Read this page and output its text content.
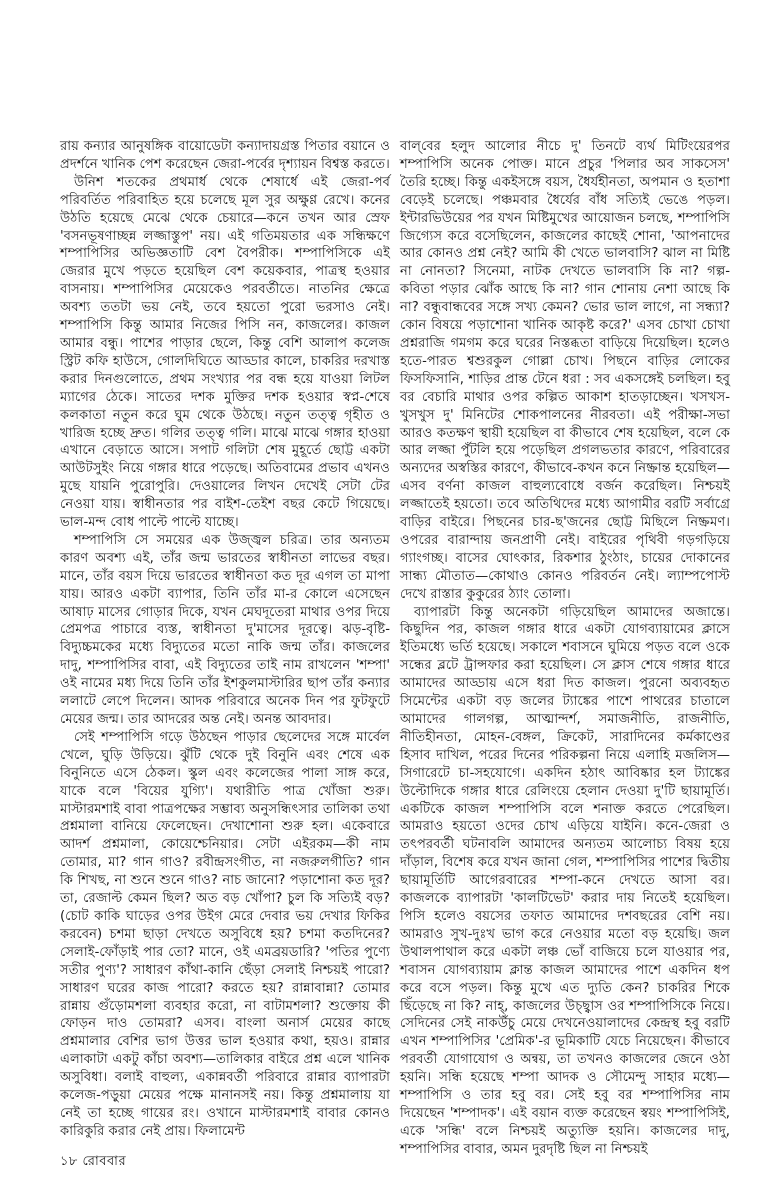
রায় কন্যার আনুষঙ্গিক বায়োডেটা কন্যাদায়গ্রস্ত পিতার বয়ানে ও প্রদর্শনে খানিক পেশ করেছেন জেরা-পর্বের দৃশ্যায়ন বিশ্বস্ত করতে।

উনিশ শতকের প্রথমার্ধ থেকে শেষার্ধে এই জেরা-পর্ব পরিবর্তিত পরিবাহিত হয়ে চলেছে মূল সুর অক্ষুণ্ণ রেখে। কনের উঠতি হয়েছে মেঝে থেকে চেয়ারে—কনে তখন আর স্রেফ 'বসনভূষণাচ্ছন্ন লজ্জাস্তুপ' নয়। এই গতিময়তার এক সন্ধিক্ষণে শম্পাপিসির অভিজ্ঞতাটি বেশ বৈপরীক। শম্পাপিসিকে এই জেরার মুখে পড়তে হয়েছিল বেশ কয়েকবার, পাত্রস্থ হওয়ার বাসনায়। শম্পাপিসির মেয়েকেও পরবর্তীতে। নাতনির ক্ষেত্রে অবশ্য ততটা ভয় নেই, তবে হয়তো পুরো ভরসাও নেই। শম্পাপিসি কিন্তু আমার নিজের পিসি নন, কাজলের। কাজল আমার বন্ধু। পাশের পাড়ার ছেলে, কিন্তু বেশি আলাপ কলেজ স্ট্রিট কফি হাউসে, গোলদিঘিতে আড্ডার কালে, চাকরির দরখাস্ত করার দিনগুলোতে, প্রথম সংখ্যার পর বন্ধ হয়ে যাওয়া লিটল ম্যাগের ঠেকে। সাতের দশক মুক্তির দশক হওয়ার স্বপ্ন-শেষে কলকাতা নতুন করে ঘুম থেকে উঠছে। নতুন তত্ত্ব গৃহীত ও খারিজ হচ্ছে দ্রুত। গলির তত্ত্ব গলি। মাঝে মাঝে গঙ্গার হাওয়া এখানে বেড়াতে আসে। সপাট গলিটা শেষ মুহূর্তে ছোট্ট একটা আউটসুইং নিয়ে গঙ্গার ধারে পড়েছে। অতিবামের প্রভাব এখনও মুছে যায়নি পুরোপুরি। দেওয়ালের লিখন দেখেই সেটা টের নেওয়া যায়। স্বাধীনতার পর বাইশ-তেইশ বছর কেটে গিয়েছে। ভাল-মন্দ বোধ পাল্টে পাল্টে যাচ্ছে।

শম্পাপিসি সে সময়ের এক উজ্জ্বল চরিত্র। তার অন্যতম কারণ অবশ্য এই, তাঁর জন্ম ভারতের স্বাধীনতা লাভের বছর। মানে, তাঁর বয়স দিয়ে ভারতের স্বাধীনতা কত দূর এগল তা মাপা যায়। আরও একটা ব্যাপার, তিনি তাঁর মা-র কোলে এসেছেন আষাঢ় মাসের গোড়ার দিকে, যখন মেঘদূতেরা মাথার ওপর দিয়ে প্রেমপত্র পাচারে ব্যস্ত, স্বাধীনতা দু'মাসের দূরত্বে। ঝড়-বৃষ্টি-বিদ্যুচ্চমকের মধ্যে বিদ্যুতের মতো নাকি জন্ম তাঁর। কাজলের দাদু, শম্পাপিসির বাবা, এই বিদ্যুতের তাই নাম রাখলেন 'শম্পা' ওই নামের মধ্য দিয়ে তিনি তাঁর ইশকুলমাস্টারির ছাপ তাঁর কন্যার ললাটে লেপে দিলেন। আদক পরিবারে অনেক দিন পর ফুটফুটে মেয়ের জন্ম। তার আদরের অন্ত নেই। অনন্ত আবদার।

সেই শম্পাপিসি গড়ে উঠছেন পাড়ার ছেলেদের সঙ্গে মার্বেল খেলে, ঘুড়ি উড়িয়ে। ঝুঁটি থেকে দুই বিনুনি এবং শেষে এক বিনুনিতে এসে ঠেকল। স্কুল এবং কলেজের পালা সাঙ্গ করে, যাকে বলে 'বিয়ের যুগ্যি'। যথারীতি পাত্র খোঁজা শুরু। মাস্টারমশাই বাবা পাত্রপক্ষের সম্ভাব্য অনুসন্ধিৎসার তালিকা তথা প্রশ্নমালা বানিয়ে ফেলেছেন। দেখাশোনা শুরু হল। একেবারে আদর্শ প্রশ্নমালা, কোয়েশ্চেনিয়ার। সেটা এইরকম—কী নাম তোমার, মা? গান গাও? রবীন্দ্রসংগীত, না নজরুলগীতি? গান কি শিখছ, না শুনে শুনে গাও? নাচ জানো? পড়াশোনা কত দূর? তা, রেজাল্ট কেমন ছিল? অত বড় খোঁপা? চুল কি সত্যিই বড়? (চোট কাকি ঘাড়ের ওপর উইগ মেরে দেবার ভয় দেখার ফিকির করবেন) চশমা ছাড়া দেখতে অসুবিধে হয়? চশমা কতদিনের? সেলাই-ফোঁড়াই পার তো? মানে, ওই এমব্রয়ডারি? 'পতির পুণ্যে সতীর পুণ্য'? সাধারণ কাঁথা-কানি ছেঁড়া সেলাই নিশ্চয়ই পারো? সাধারণ ঘরের কাজ পারো? করতে হয়? রান্নাবান্না? তোমার রান্নায় গুঁড়োমশলা ব্যবহার করো, না বাটামশলা? শুক্তোয় কী ফোড়ন দাও তোমরা? এসব। বাংলা অনার্স মেয়ের কাছে প্রশ্নমালার বেশির ভাগ উত্তর ভাল হওয়ার কথা, হয়ও। রান্নার এলাকাটা একটু কাঁচা অবশ্য—তালিকার বাইরে প্রশ্ন এলে খানিক অসুবিধা। বলাই বাহুল্য, একান্নবর্তী পরিবারে রান্নার ব্যাপারটা কলেজ-পড়ুয়া মেয়ের পক্ষে মানানসই নয়। কিন্তু প্রশ্নমালায় যা নেই তা হচ্ছে গায়ের রং। ওখানে মাস্টারমশাই বাবার কোনও কারিকুরি করার নেই প্রায়। ফিলামেন্ট

বাল্‌বের হলুদ আলোর নীচে দু' তিনটে ব্যর্থ মিটিংয়েরপর শম্পাপিসি অনেক পোক্ত। মানে প্রচুর 'পিলার অব সাকসেস' তৈরি হচ্ছে। কিন্তু একইসঙ্গে বয়স, ধৈর্যহীনতা, অপমান ও হতাশা বেড়েই চলেছে। পঞ্চমবার ধৈর্যের বাঁধ সত্যিই ভেঙে পড়ল। ইন্টারভিউয়ের পর যখন মিষ্টিমুখের আয়োজন চলছে, শম্পাপিসি জিগ্যেস করে বসেছিলেন, কাজলের কাছেই শোনা, 'আপনাদের আর কোনও প্রশ্ন নেই? আমি কী খেতে ভালবাসি? ঝাল না মিষ্টি না নোনতা? সিনেমা, নাটক দেখতে ভালবাসি কি না? গল্প-কবিতা পড়ার ঝোঁক আছে কি না? গান শোনায় নেশা আছে কি না? বন্ধুবান্ধবের সঙ্গে সখ্য কেমন? ভোর ভাল লাগে, না সন্ধ্যা? কোন বিষয়ে পড়াশোনা খানিক আকৃষ্ট করে?' এসব চোখা চোখা প্রশ্নরাজি গমগম করে ঘরের নিস্তব্ধতা বাড়িয়ে দিয়েছিল। হলেও হতে-পারত শ্বশুরকুল গোল্লা চোখ। পিছনে বাড়ির লোকের ফিসফিসানি, শাড়ির প্রান্ত টেনে ধরা : সব একসঙ্গেই চলছিল। হবু বর বেচারি মাথার ওপর কল্পিত আকাশ হাতড়াচ্ছেন। খসখস-খুসখুস দু' মিনিটের শোকপালনের নীরবতা। এই পরীক্ষা-সভা আরও কতক্ষণ স্থায়ী হয়েছিল বা কীভাবে শেষ হয়েছিল, বলে কে আর লজ্জা পুঁটলি হয়ে পড়েছিল প্রগলভতার কারণে, পরিবারের অন্যদের অস্বস্তির কারণে, কীভাবে-কখন কনে নিষ্ক্রান্ত হয়েছিল—এসব বর্ণনা কাজল বাহুল্যবোধে বর্জন করেছিল। নিশ্চয়ই লজ্জাতেই হয়তো। তবে অতিথিদের মধ্যে আগামীর বরটি সর্বাগ্রে বাড়ির বাইরে। পিছনের চার-ছ'জনের ছোট্ট মিছিলে নিষ্ক্রমণ। ওপরের বারান্দায় জনপ্রাণী নেই। বাইরের পৃথিবী গড়গড়িয়ে গ্যাংগচ্ছ। বাসের ঘোৎকার, রিকশার ঠুংঠাং, চায়ের দোকানের সান্ধ্য মৌতাত—কোথাও কোনও পরিবর্তন নেই। ল্যাম্পপোস্ট দেখে রাস্তার কুকুরের ঠ্যাং তোলা।

ব্যাপারটা কিন্তু অনেকটা গড়িয়েছিল আমাদের অজান্তে। কিছুদিন পর, কাজল গঙ্গার ধারে একটা যোগব্যায়ামের ক্লাসে ইতিমধ্যে ভর্তি হয়েছে। সকালে শবাসনে ঘুমিয়ে পড়ত বলে ওকে সন্ধের ব্লটে ট্রান্সফার করা হয়েছিল। সে ক্লাস শেষে গঙ্গার ধারে আমাদের আড্ডায় এসে ধরা দিত কাজল। পুরনো অব্যবহৃত সিমেন্টের একটা বড় জলের ট্যাঙ্কের পাশে পাথরের চাতালে আমাদের গালগল্প, আত্মান্দর্শ, সমাজনীতি, রাজনীতি, নীতিহীনতা, মোহন-বেঙ্গল, ক্রিকেট, সারাদিনের কর্মকাণ্ডের হিসাব দাখিল, পরের দিনের পরিকল্পনা নিয়ে এলাহি মজলিস—সিগারেটে চা-সহযোগে। একদিন হঠাৎ আবিষ্কার হল ট্যাঙ্কের উল্টোদিকে গঙ্গার ধারে রেলিংয়ে হেলান দেওয়া দু'টি ছায়ামূর্তি। একটিকে কাজল শম্পাপিসি বলে শনাক্ত করতে পেরেছিল। আমরাও হয়তো ওদের চোখ এড়িয়ে যাইনি। কনে-জেরা ও তৎপরবর্তী ঘটনাবলি আমাদের অন্যতম আলোচ্য বিষয় হয়ে দাঁড়াল, বিশেষ করে যখন জানা গেল, শম্পাপিসির পাশের দ্বিতীয় ছায়ামূর্তিটি আগেরবারের শম্পা-কনে দেখতে আসা বর। কাজলকে ব্যাপারটা 'কালটিভেট' করার দায় নিতেই হয়েছিল। পিসি হলেও বয়সের তফাত আমাদের দশবছরের বেশি নয়। আমরাও সুখ-দুঃখ ভাগ করে নেওয়ার মতো বড় হয়েছি। জল উথালপাথাল করে একটা লঞ্চ ভোঁ বাজিয়ে চলে যাওয়ার পর, শবাসন যোগব্যায়াম ক্লান্ত কাজল আমাদের পাশে একদিন ধপ করে বসে পড়ল। কিন্তু মুখে এত দ্যুতি কেন? চাকরির শিকে ছিঁড়েছে না কি? নাহ্‌, কাজলের উচ্ছ্বাস ওর শম্পাপিসিকে নিয়ে। সেদিনের সেই নাকউঁচু মেয়ে দেখনেওয়ালাদের কেন্দ্রস্থ হবু বরটি এখন শম্পাপিসির 'প্রেমিক'-র ভূমিকাটি যেচে নিয়েছেন। কীভাবে পরবর্তী যোগাযোগ ও অন্বয়, তা তখনও কাজলের জেনে ওঠা হয়নি। সন্ধি হয়েছে শম্পা আদক ও সৌমেন্দু সাহার মধ্যে—শম্পাপিসি ও তার হবু বর। সেই হবু বর শম্পাপিসির নাম দিয়েছেন 'শম্পাদক'। এই বয়ান ব্যক্ত করেছেন স্বয়ং শম্পাপিসিই, একে 'সন্ধি' বলে নিশ্চয়ই অত্যুক্তি হয়নি। কাজলের দাদু, শম্পাপিসির বাবার, অমন দুরদৃষ্টি ছিল না নিশ্চয়ই

১৮ রোববার
